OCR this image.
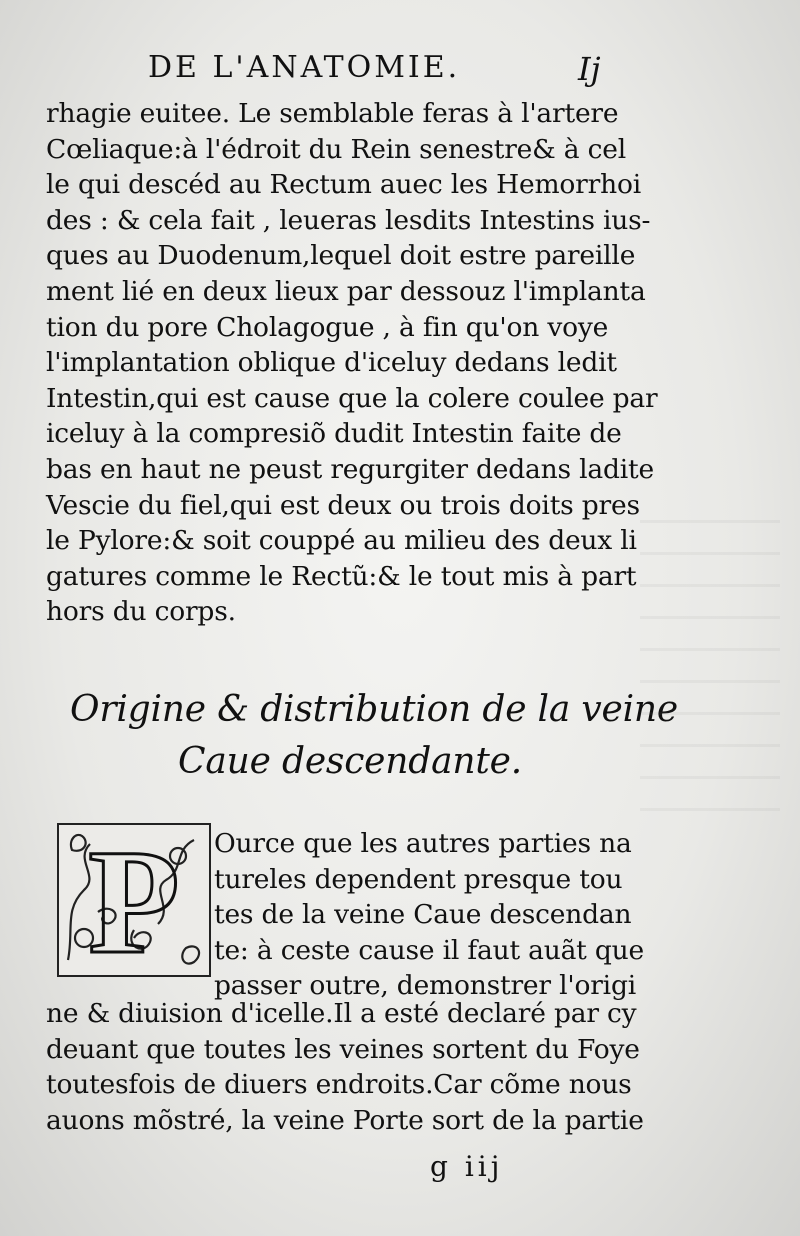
DE L'ANATOMIE.	Ij
rhagie euitee. Le semblable feras à l'artere
Cœliaque:à l'édroit du Rein senestre& à cel
le qui descéd au Rectum auec les Hemorrhoi
des : & cela fait , leueras lesdits Intestins ius-
ques au Duodenum,lequel doit estre pareille
ment lié en deux lieux par dessouz l'implanta
tion du pore Cholagogue , à fin qu'on voye
l'implantation oblique d'iceluy dedans ledit
Intestin,qui est cause que la colere coulee par
iceluy à la compresiõ dudit Intestin faite de
bas en haut ne peust regurgiter dedans ladite
Vescie du fiel,qui est deux ou trois doits pres
le Pylore:& soit couppé au milieu des deux li
gatures comme le Rectũ:& le tout mis à part
hors du corps.
Origine & distribution de la veine
Caue descendante.
P Ource que les autres parties na
tureles dependent presque tou
tes de la veine Caue descendan
te: à ceste cause il faut auãt que
passer outre, demonstrer l'origi
ne & diuision d'icelle.Il a esté declaré par cy
deuant que toutes les veines sortent du Foye
toutesfois de diuers endroits.Car cõme nous
auons mõstré, la veine Porte sort de la partie
g iij
